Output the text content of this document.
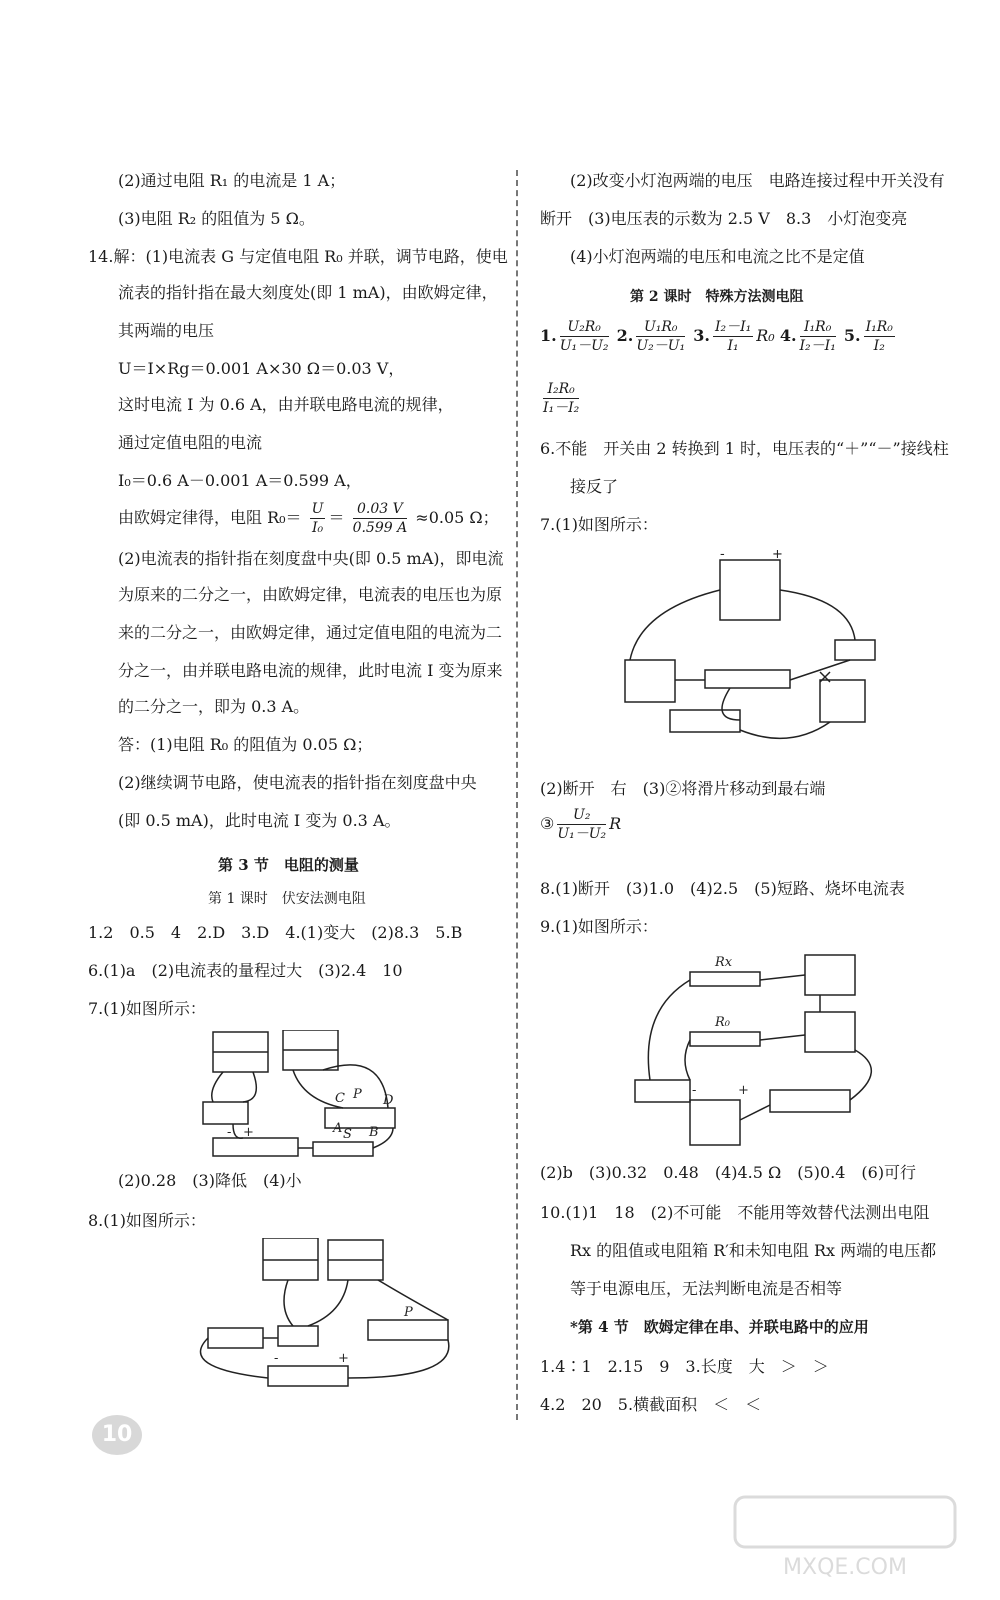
(2)通过电阻 R₁ 的电流是 1 A；
(3)电阻 R₂ 的阻值为 5 Ω。
14.解：(1)电流表 G 与定值电阻 R₀ 并联，调节电路，使电
流表的指针指在最大刻度处(即 1 mA)，由欧姆定律，
其两端的电压
U＝I×Rg＝0.001 A×30 Ω＝0.03 V，
这时电流 I 为 0.6 A，由并联电路电流的规律，
通过定值电阻的电流
I₀＝0.6 A－0.001 A＝0.599 A，
由欧姆定律得，电阻 $R_0= \frac{U}{\text{I₀}} = \frac{0.03 V}{0.599 A} \approx 0.05$ Ω；
(2)电流表的指针指在刻度盘中央(即 0.5 mA)，即电流
为原来的二分之一，由欧姆定律，电流表的电压也为原
来的二分之一，由欧姆定律，通过定值电阻的电流为二
分之一，由并联电路电流的规律，此时电流 I 变为原来
的二分之一，即为 0.3 A。
答：(1)电阻 R₀ 的阻值为 0.05 Ω；
(2)继续调节电路，使电流表的指针指在刻度盘中央
(即 0.5 mA)，此时电流 I 变为 0.3 A。
第 3 节　电阻的测量
第 1 课时　伏安法测电阻
1.2　0.5　4　2.D　3.D　4.(1)变大　(2)8.3　5.B
6.(1)a　(2)电流表的量程过大　(3)2.4　10
7.(1)如图所示：
C P D
A B
S
+
-
(2)0.28　(3)降低　(4)小
8.(1)如图所示：
P
-	+
(2)改变小灯泡两端的电压　电路连接过程中开关没有
断开　(3)电压表的示数为 2.5 V　8.3　小灯泡变亮
(4)小灯泡两端的电压和电流之比不是定值
第 2 课时　特殊方法测电阻
1. $\frac{\text{U₂R₀}}{\text{U₁－U₂}} 2$. $\frac{\text{U₁R₀}}{\text{U₂－U₁}} 3$. $\frac{\text{I₂－I₁}}{\text{I₁}} R_0$ 4. $\frac{\text{I₁R₀}}{\text{I₂－I₁}} 5$. $\frac{\text{I₁R₀}}{\text{I₂}}$
$\frac{\text{I₂R₀}}{\text{I₁－I₂}}$
6.不能　开关由 2 转换到 1 时，电压表的“＋”“－”接线柱
接反了
7.(1)如图所示：
-	+
(2)断开　右　(3)②将滑片移动到最右端
③ $\frac{\text{U₂}}{\text{U₁－U₂}}$ R
8.(1)断开　(3)1.0　(4)2.5　(5)短路、烧坏电流表
9.(1)如图所示：
Rx
R₀
-	+
(2)b　(3)0.32　0.48　(4)4.5 Ω　(5)0.4　(6)可行
10.(1)1　18　(2)不可能　不能用等效替代法测出电阻
Rx 的阻值或电阻箱 R′和未知电阻 Rx 两端的电压都
等于电源电压，无法判断电流是否相等
*第 4 节　欧姆定律在串、并联电路中的应用
1.4∶1　2.15　9　3.长度　大　＞　＞
4.2　20　5.横截面积　＜　＜
10
MXQE.COM
